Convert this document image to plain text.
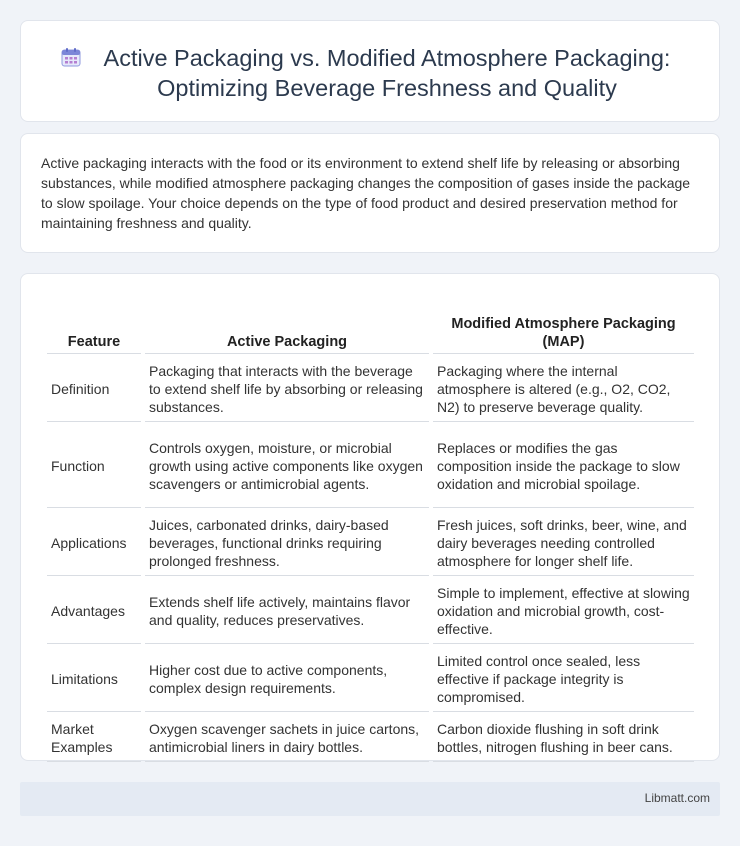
Active Packaging vs. Modified Atmosphere Packaging:
Optimizing Beverage Freshness and Quality

Active packaging interacts with the food or its environment to extend shelf life by releasing or absorbing substances, while modified atmosphere packaging changes the composition of gases inside the package to slow spoilage. Your choice depends on the type of food product and desired preservation method for maintaining freshness and quality.

Feature	Active Packaging	Modified Atmosphere Packaging (MAP)
Definition	Packaging that interacts with the beverage to extend shelf life by absorbing or releasing substances.	Packaging where the internal atmosphere is altered (e.g., O2, CO2, N2) to preserve beverage quality.
Function	Controls oxygen, moisture, or microbial growth using active components like oxygen scavengers or antimicrobial agents.	Replaces or modifies the gas composition inside the package to slow oxidation and microbial spoilage.
Applications	Juices, carbonated drinks, dairy-based beverages, functional drinks requiring prolonged freshness.	Fresh juices, soft drinks, beer, wine, and dairy beverages needing controlled atmosphere for longer shelf life.
Advantages	Extends shelf life actively, maintains flavor and quality, reduces preservatives.	Simple to implement, effective at slowing oxidation and microbial growth, cost-effective.
Limitations	Higher cost due to active components, complex design requirements.	Limited control once sealed, less effective if package integrity is compromised.
Market Examples	Oxygen scavenger sachets in juice cartons, antimicrobial liners in dairy bottles.	Carbon dioxide flushing in soft drink bottles, nitrogen flushing in beer cans.
Libmatt.com
